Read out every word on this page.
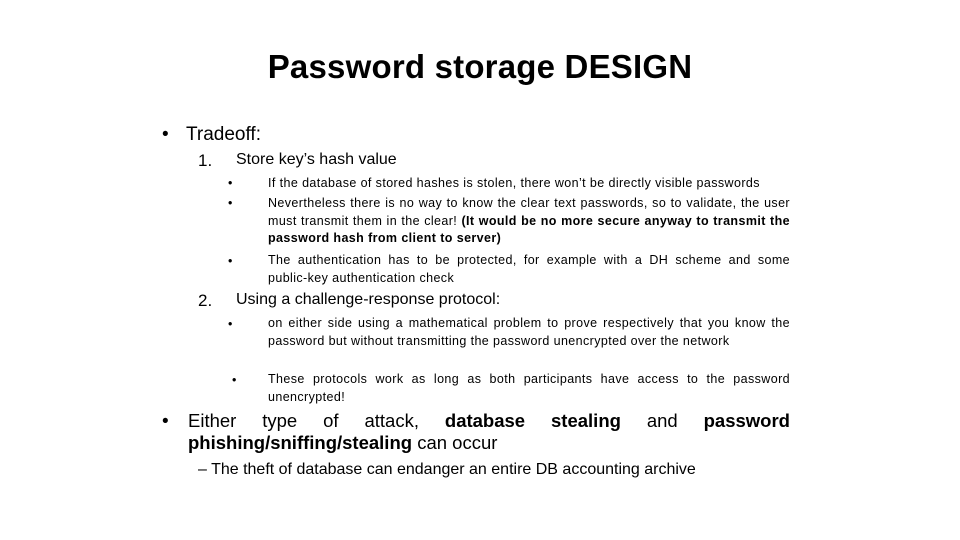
Password storage DESIGN
• Tradeoff:
1. Store key’s hash value
•	If the database of stored hashes is stolen, there won’t be directly visible passwords
•	Nevertheless there is no way to know the clear text passwords, so to validate, the user must transmit them in the clear! (It would be no more secure anyway to transmit the password hash from client to server)
•	The authentication has to be protected, for example with a DH scheme and some public-key authentication check
2. Using a challenge-response protocol:
•	on either side using a mathematical problem to prove respectively that you know the password but without transmitting the password unencrypted over the network
•	These protocols work as long as both participants have access to the password unencrypted!
• Either type of attack, database stealing and password phishing/sniffing/stealing can occur
– The theft of database can endanger an entire DB accounting archive
